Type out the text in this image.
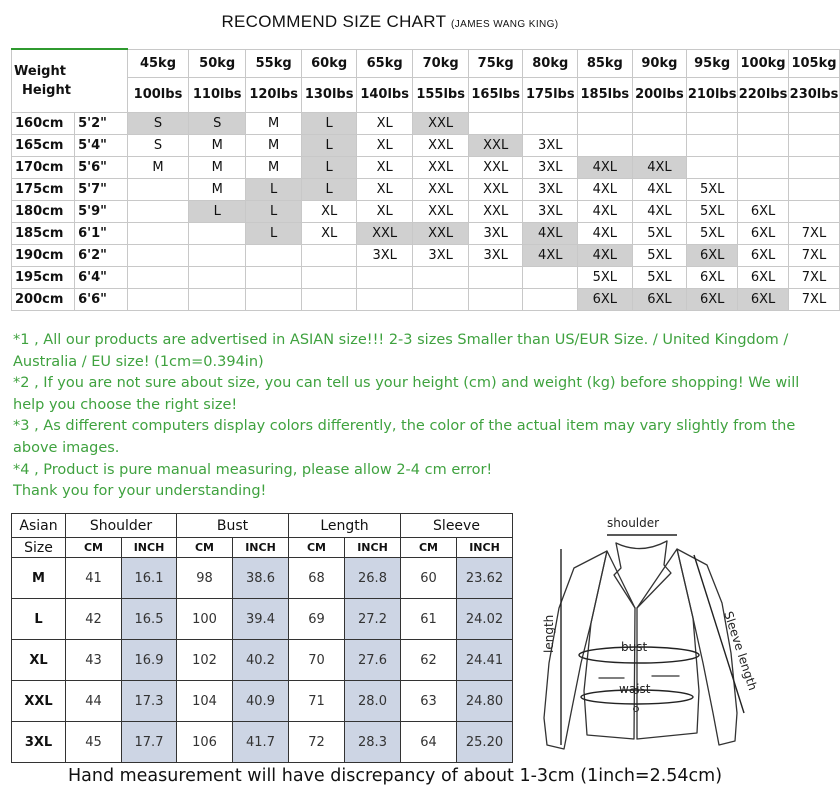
RECOMMEND SIZE CHART (JAMES WANG KING)
Weight
Height		45kg	50kg	55kg	60kg	65kg	70kg	75kg	80kg	85kg	90kg	95kg	100kg	105kg
		100lbs	110lbs	120lbs	130lbs	140lbs	155lbs	165lbs	175lbs	185lbs	200lbs	210lbs	220lbs	230lbs
160cm	5'2"	S	S	M	L	XL	XXL							
165cm	5'4"	S	M	M	L	XL	XXL	XXL	3XL					
170cm	5'6"	M	M	M	L	XL	XXL	XXL	3XL	4XL	4XL			
175cm	5'7"		M	L	L	XL	XXL	XXL	3XL	4XL	4XL	5XL		
180cm	5'9"		L	L	XL	XL	XXL	XXL	3XL	4XL	4XL	5XL	6XL	
185cm	6'1"			L	XL	XXL	XXL	3XL	4XL	4XL	5XL	5XL	6XL	7XL
190cm	6'2"					3XL	3XL	3XL	4XL	4XL	5XL	6XL	6XL	7XL
195cm	6'4"									5XL	5XL	6XL	6XL	7XL
200cm	6'6"									6XL	6XL	6XL	6XL	7XL

*1 , All our products are advertised in ASIAN size!!! 2-3 sizes Smaller than US/EUR Size. / United Kingdom / Australia / EU size! (1cm=0.394in)

*2 , If you are not sure about size, you can tell us your height (cm) and weight (kg) before shopping! We will help you choose the right size!

*3 , As different computers display colors differently, the color of the actual item may vary slightly from the above images.

*4 , Product is pure manual measuring, please allow 2-4 cm error!

Thank you for your understanding!

Asian	Shoulder		Bust		Length		Sleeve	
Size	CM	INCH	CM	INCH	CM	INCH	CM	INCH
M	41	16.1	98	38.6	68	26.8	60	23.62
L	42	16.5	100	39.4	69	27.2	61	24.02
XL	43	16.9	102	40.2	70	27.6	62	24.41
XXL	44	17.3	104	40.9	71	28.0	63	24.80
3XL	45	17.7	106	41.7	72	28.3	64	25.20
shoulder
length	bust
waist	Sleeve length
Hand measurement will have discrepancy of about 1-3cm (1inch=2.54cm)
